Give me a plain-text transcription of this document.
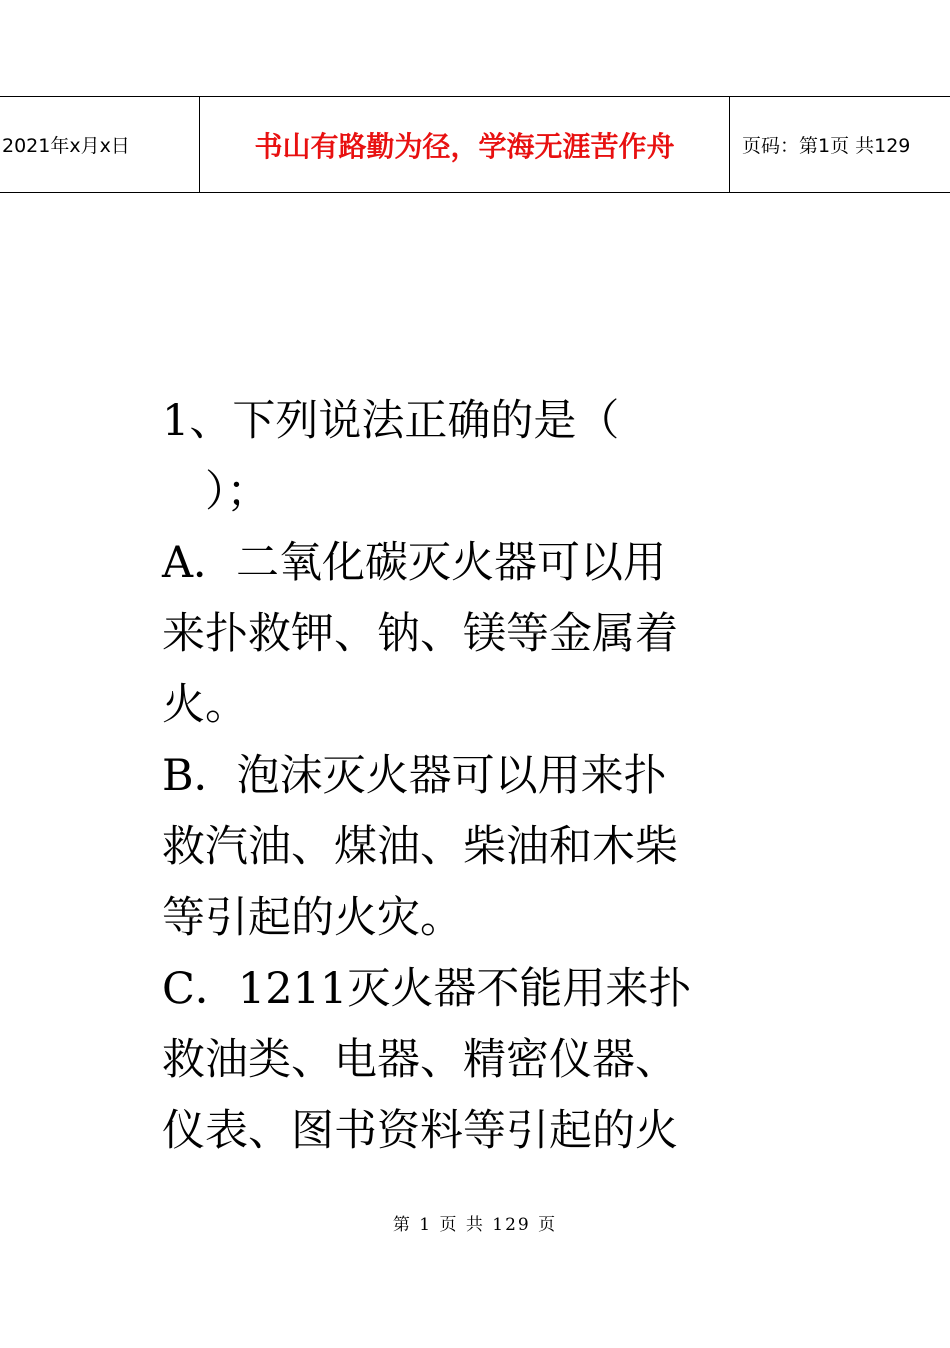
2021年x月x日	书山有路勤为径，学海无涯苦作舟	页码：第1页 共129

1、下列说法正确的是（

　）；

A．二氧化碳灭火器可以用

来扑救钾、钠、镁等金属着

火。

B．泡沫灭火器可以用来扑

救汽油、煤油、柴油和木柴

等引起的火灾。

C．1211灭火器不能用来扑

救油类、电器、精密仪器、

仪表、图书资料等引起的火

第 1 页 共 129 页
